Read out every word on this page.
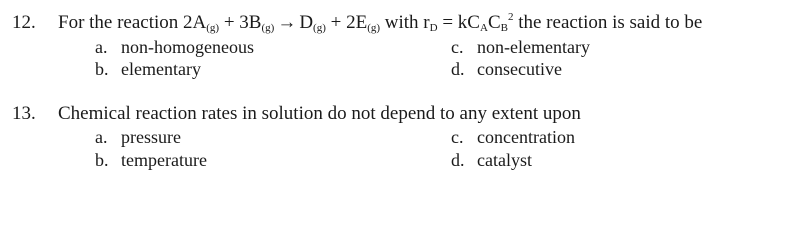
12. For the reaction $2A_{(g)} + 3B_{(g)} \to D_{(g)} + 2E_{(g)}$ with $r_D = kC_AC_B^2$ the reaction is said to be
a. non-homogeneous
b. elementary
c. non-elementary
d. consecutive
13. Chemical reaction rates in solution do not depend to any extent upon
a. pressure
b. temperature
c. concentration
d. catalyst
